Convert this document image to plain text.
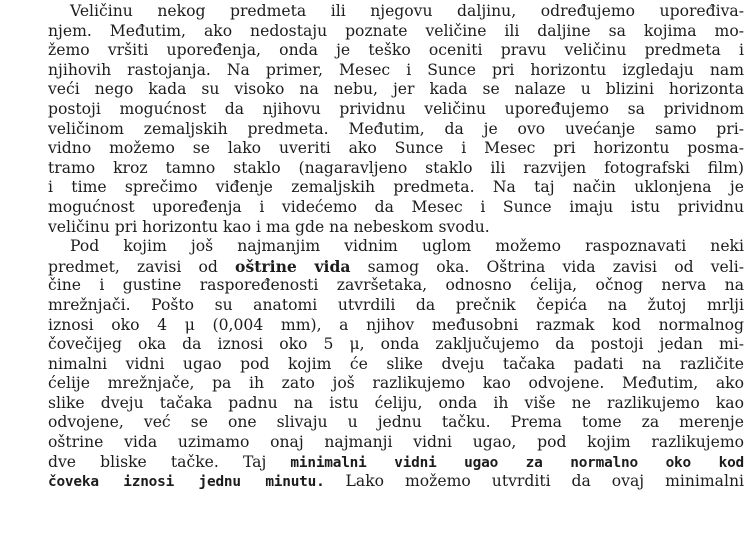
Veličinu nekog predmeta ili njegovu daljinu, određujemo upoređiva-
njem. Međutim, ako nedostaju poznate veličine ili daljine sa kojima mo-
žemo vršiti upoređenja, onda je teško oceniti pravu veličinu predmeta i
njihovih rastojanja. Na primer, Mesec i Sunce pri horizontu izgledaju nam
veći nego kada su visoko na nebu, jer kada se nalaze u blizini horizonta
postoji mogućnost da njihovu prividnu veličinu upoređujemo sa prividnom
veličinom zemaljskih predmeta. Međutim, da je ovo uvećanje samo pri-
vidno možemo se lako uveriti ako Sunce i Mesec pri horizontu posma-
tramo kroz tamno staklo (nagaravljeno staklo ili razvijen fotografski film)
i time sprečimo viđenje zemaljskih predmeta. Na taj način uklonjena je
mogućnost upoređenja i videćemo da Mesec i Sunce imaju istu prividnu
veličinu pri horizontu kao i ma gde na nebeskom svodu.
Pod kojim još najmanjim vidnim uglom možemo raspoznavati neki
predmet, zavisi od oštrine vida samog oka. Oštrina vida zavisi od veli-
čine i gustine raspoređenosti završetaka, odnosno ćelija, očnog nerva na
mrežnjači. Pošto su anatomi utvrdili da prečnik čepića na žutoj mrlji
iznosi oko 4 μ (0,004 mm), a njihov međusobni razmak kod normalnog
čovečijeg oka da iznosi oko 5 μ, onda zaključujemo da postoji jedan mi-
nimalni vidni ugao pod kojim će slike dveju tačaka padati na različite
ćelije mrežnjače, pa ih zato još razlikujemo kao odvojene. Međutim, ako
slike dveju tačaka padnu na istu ćeliju, onda ih više ne razlikujemo kao
odvojene, već se one slivaju u jednu tačku. Prema tome za merenje
oštrine vida uzimamo onaj najmanji vidni ugao, pod kojim razlikujemo
dve bliske tačke. Taj minimalni vidni ugao za normalno oko kod
čoveka iznosi jednu minutu. Lako možemo utvrditi da ovaj minimalni
